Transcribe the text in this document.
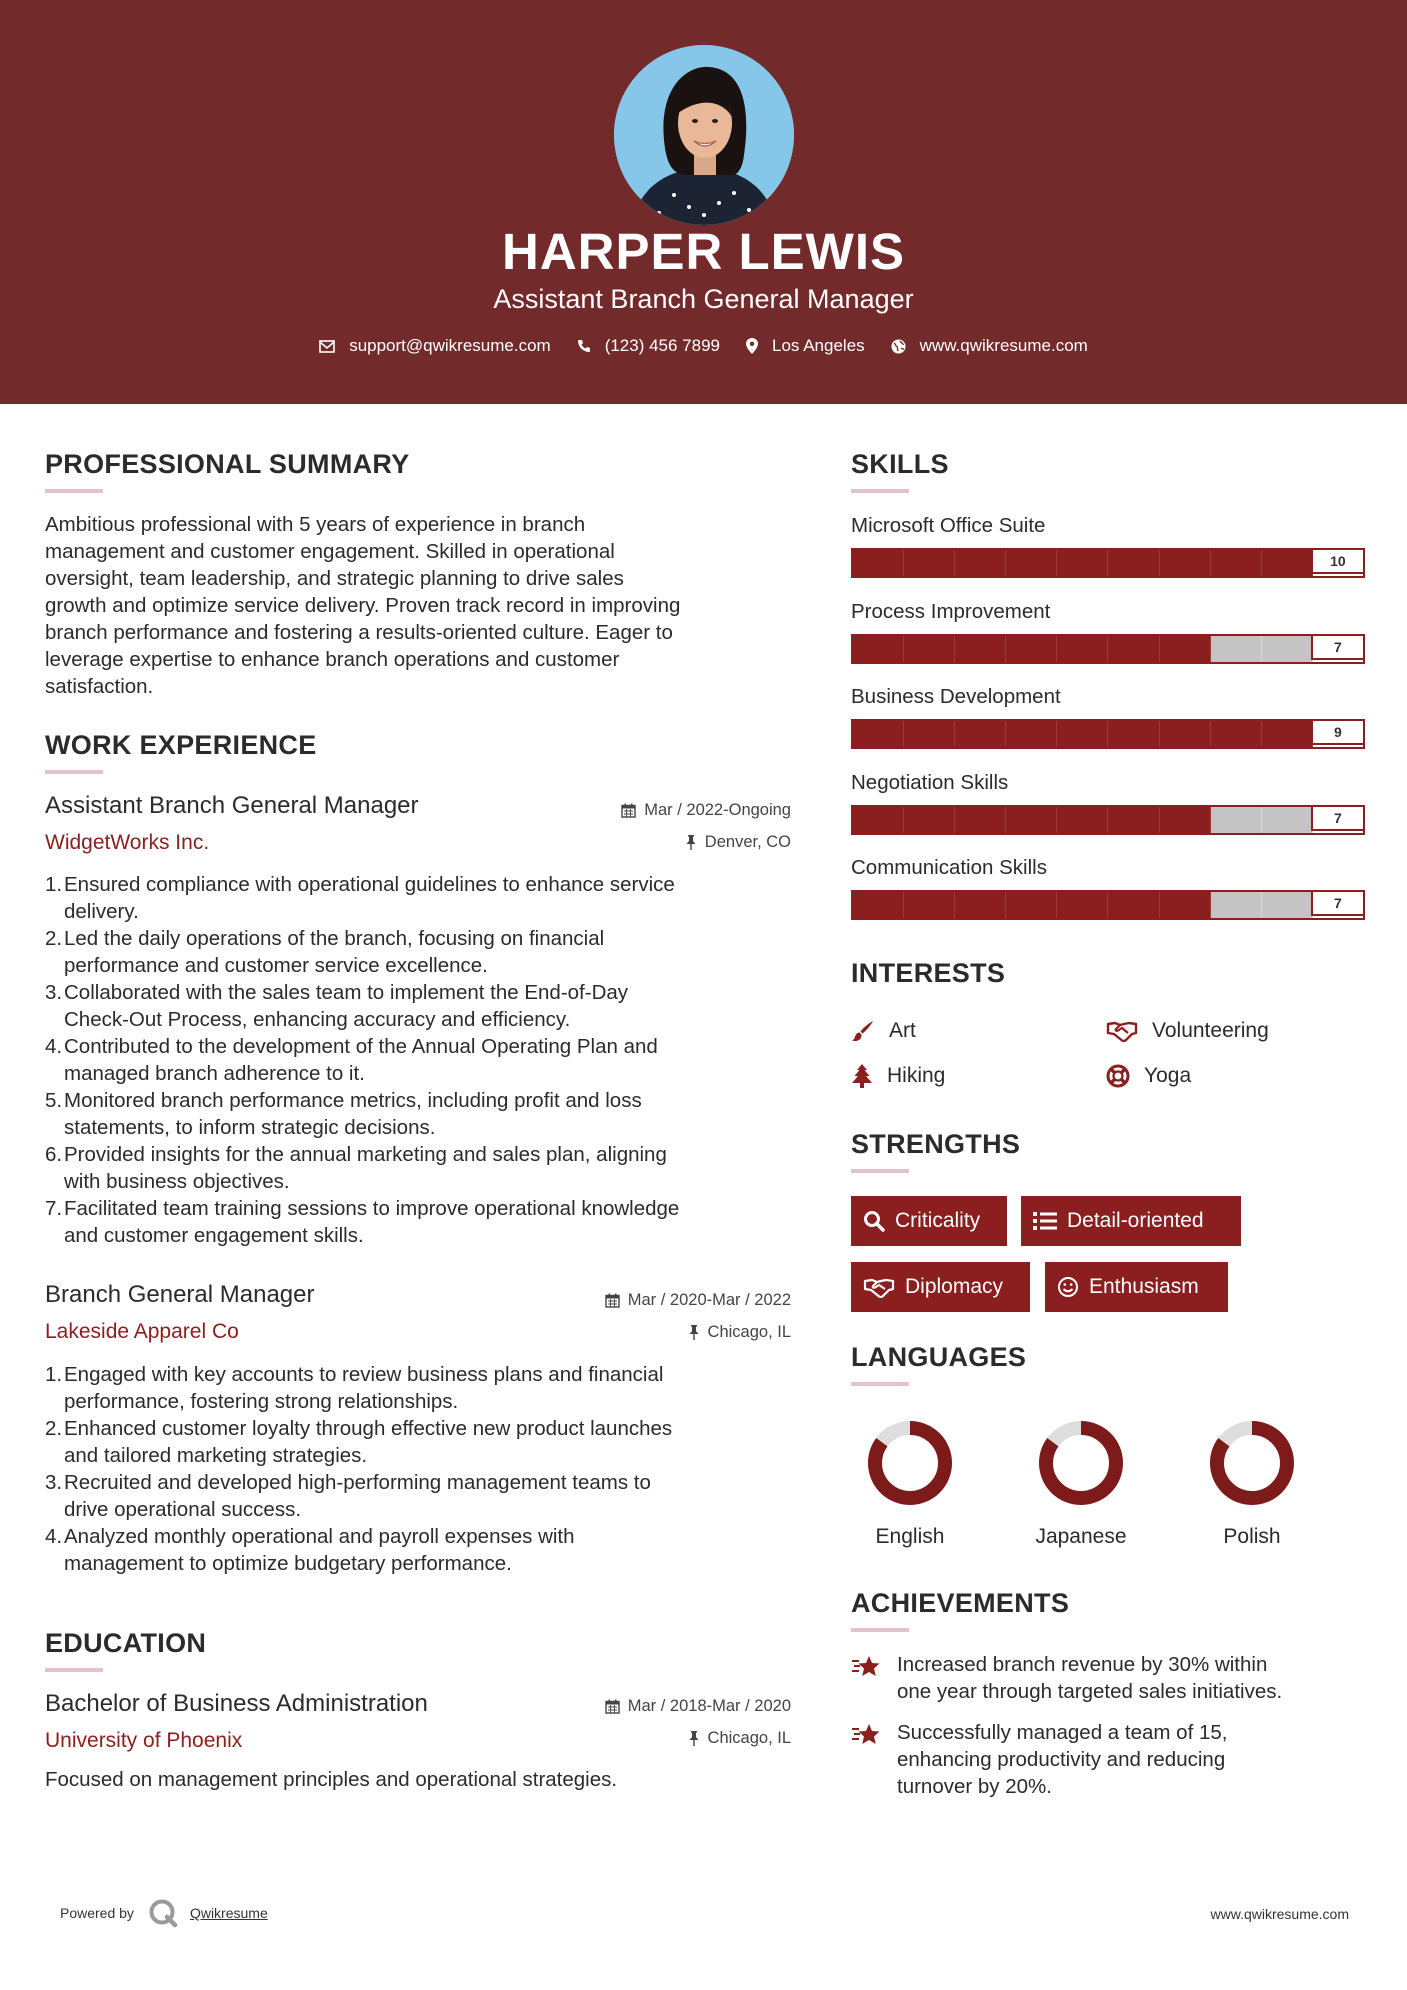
HARPER LEWIS
Assistant Branch General Manager
support@qwikresume.com	(123) 456 7899	Los Angeles	www.qwikresume.com
PROFESSIONAL SUMMARY
Ambitious professional with 5 years of experience in branch
management and customer engagement. Skilled in operational
oversight, team leadership, and strategic planning to drive sales
growth and optimize service delivery. Proven track record in improving
branch performance and fostering a results-oriented culture. Eager to
leverage expertise to enhance branch operations and customer
satisfaction.
WORK EXPERIENCE
Assistant Branch General Manager	Mar / 2022-Ongoing
WidgetWorks Inc.	Denver, CO
1. Ensured compliance with operational guidelines to enhance service
delivery.
2. Led the daily operations of the branch, focusing on financial
performance and customer service excellence.
3. Collaborated with the sales team to implement the End-of-Day
Check-Out Process, enhancing accuracy and efficiency.
4. Contributed to the development of the Annual Operating Plan and
managed branch adherence to it.
5. Monitored branch performance metrics, including profit and loss
statements, to inform strategic decisions.
6. Provided insights for the annual marketing and sales plan, aligning
with business objectives.
7. Facilitated team training sessions to improve operational knowledge
and customer engagement skills.
Branch General Manager	Mar / 2020-Mar / 2022
Lakeside Apparel Co	Chicago, IL
1. Engaged with key accounts to review business plans and financial
performance, fostering strong relationships.
2. Enhanced customer loyalty through effective new product launches
and tailored marketing strategies.
3. Recruited and developed high-performing management teams to
drive operational success.
4. Analyzed monthly operational and payroll expenses with
management to optimize budgetary performance.
EDUCATION
Bachelor of Business Administration	Mar / 2018-Mar / 2020
University of Phoenix	Chicago, IL
Focused on management principles and operational strategies.
SKILLS
Microsoft Office Suite
10
Process Improvement
7
Business Development
9
Negotiation Skills
7
Communication Skills
7
INTERESTS
Art	Volunteering
Hiking	Yoga
STRENGTHS
Criticality	Detail-oriented
Diplomacy	Enthusiasm
LANGUAGES
English	Japanese	Polish
ACHIEVEMENTS
Increased branch revenue by 30% within
one year through targeted sales initiatives.
Successfully managed a team of 15,
enhancing productivity and reducing
turnover by 20%.
Powered by	Qwikresume	www.qwikresume.com
